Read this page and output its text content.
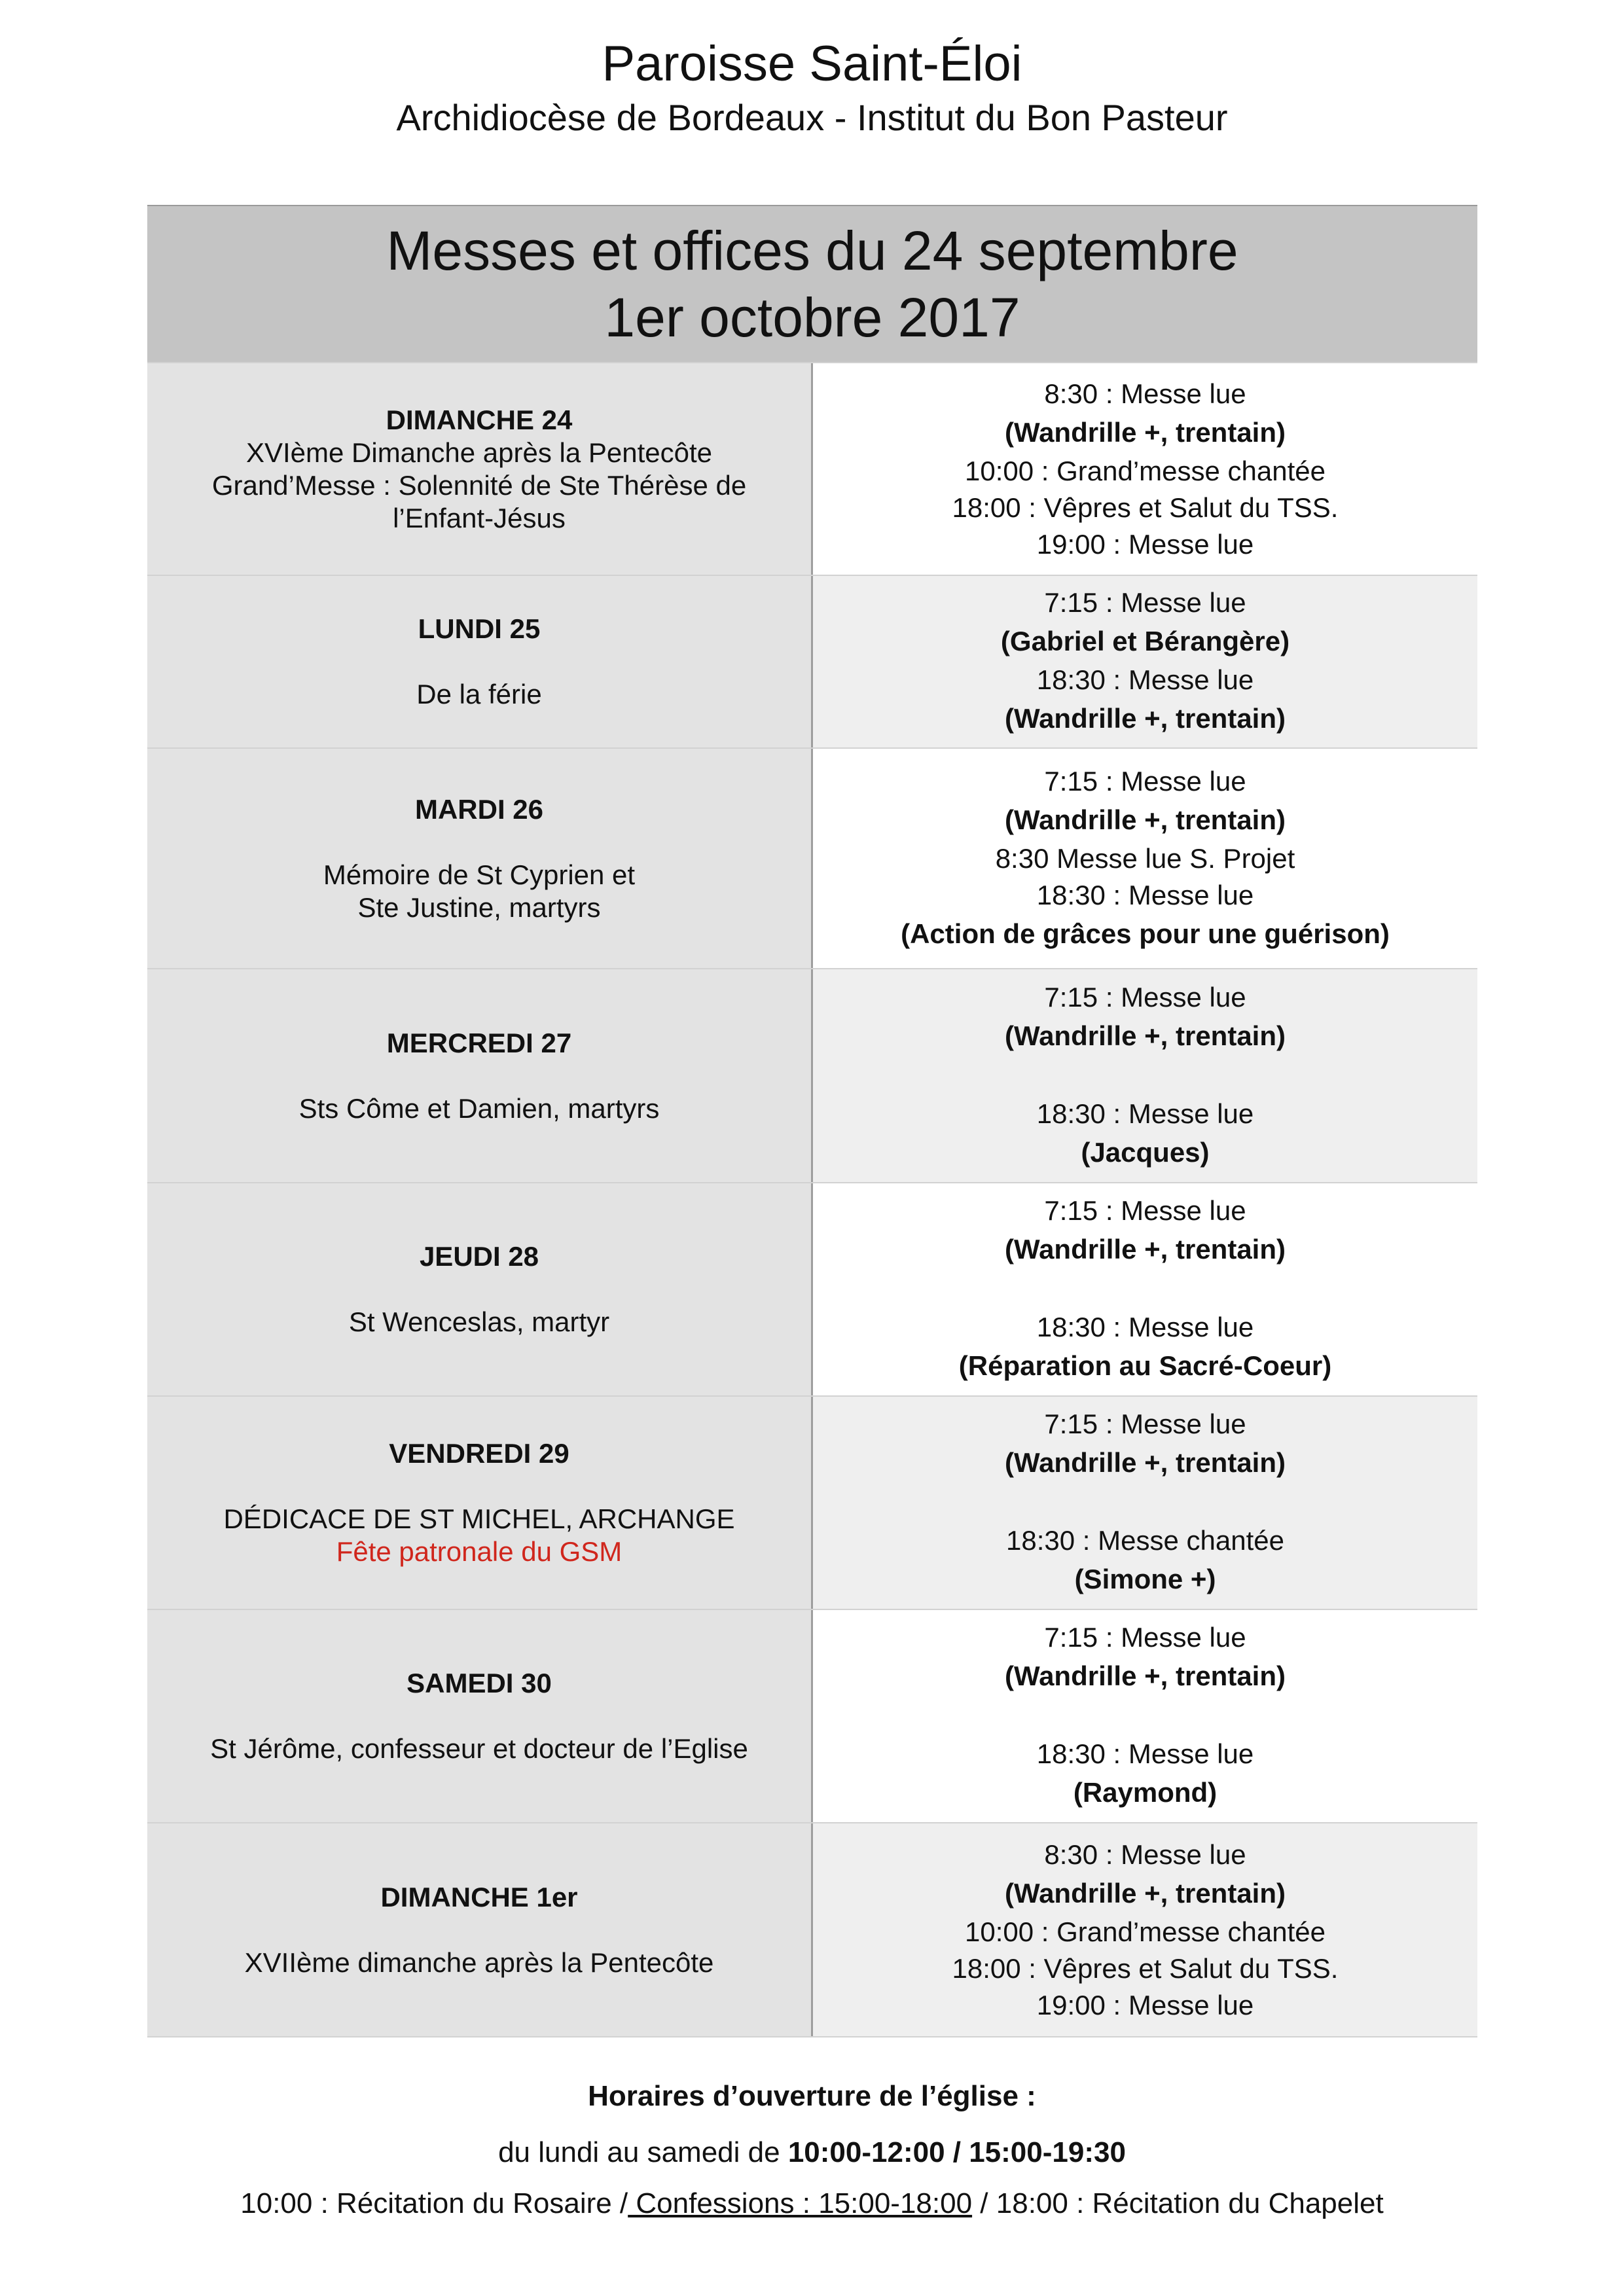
Paroisse Saint-Éloi
Archidiocèse de Bordeaux - Institut du Bon Pasteur
Messes et offices du 24 septembre
1er octobre 2017
DIMANCHE 24
XVIème Dimanche après la Pentecôte
Grand’Messe : Solennité de Ste Thérèse de
l’Enfant-Jésus
8:30 : Messe lue
(Wandrille +, trentain)
10:00 : Grand’messe chantée
18:00 : Vêpres et Salut du TSS.
19:00 : Messe lue
LUNDI 25
De la férie
7:15 : Messe lue
(Gabriel et Bérangère)
18:30 : Messe lue
(Wandrille +, trentain)
MARDI 26
Mémoire de St Cyprien et
Ste Justine, martyrs
7:15 : Messe lue
(Wandrille +, trentain)
8:30 Messe lue S. Projet
18:30 : Messe lue
(Action de grâces pour une guérison)
MERCREDI 27
Sts Côme et Damien, martyrs
7:15 : Messe lue
(Wandrille +, trentain)
18:30 : Messe lue
(Jacques)
JEUDI 28
St Wenceslas, martyr
7:15 : Messe lue
(Wandrille +, trentain)
18:30 : Messe lue
(Réparation au Sacré-Coeur)
VENDREDI 29
DÉDICACE DE ST MICHEL, ARCHANGE
Fête patronale du GSM
7:15 : Messe lue
(Wandrille +, trentain)
18:30 : Messe chantée
(Simone +)
SAMEDI 30
St Jérôme, confesseur et docteur de l’Eglise
7:15 : Messe lue
(Wandrille +, trentain)
18:30 : Messe lue
(Raymond)
DIMANCHE 1er
XVIIème dimanche après la Pentecôte
8:30 : Messe lue
(Wandrille +, trentain)
10:00 : Grand’messe chantée
18:00 : Vêpres et Salut du TSS.
19:00 : Messe lue
Horaires d’ouverture de l’église :
du lundi au samedi de 10:00-12:00 / 15:00-19:30
10:00 : Récitation du Rosaire / Confessions : 15:00-18:00 / 18:00 : Récitation du Chapelet
